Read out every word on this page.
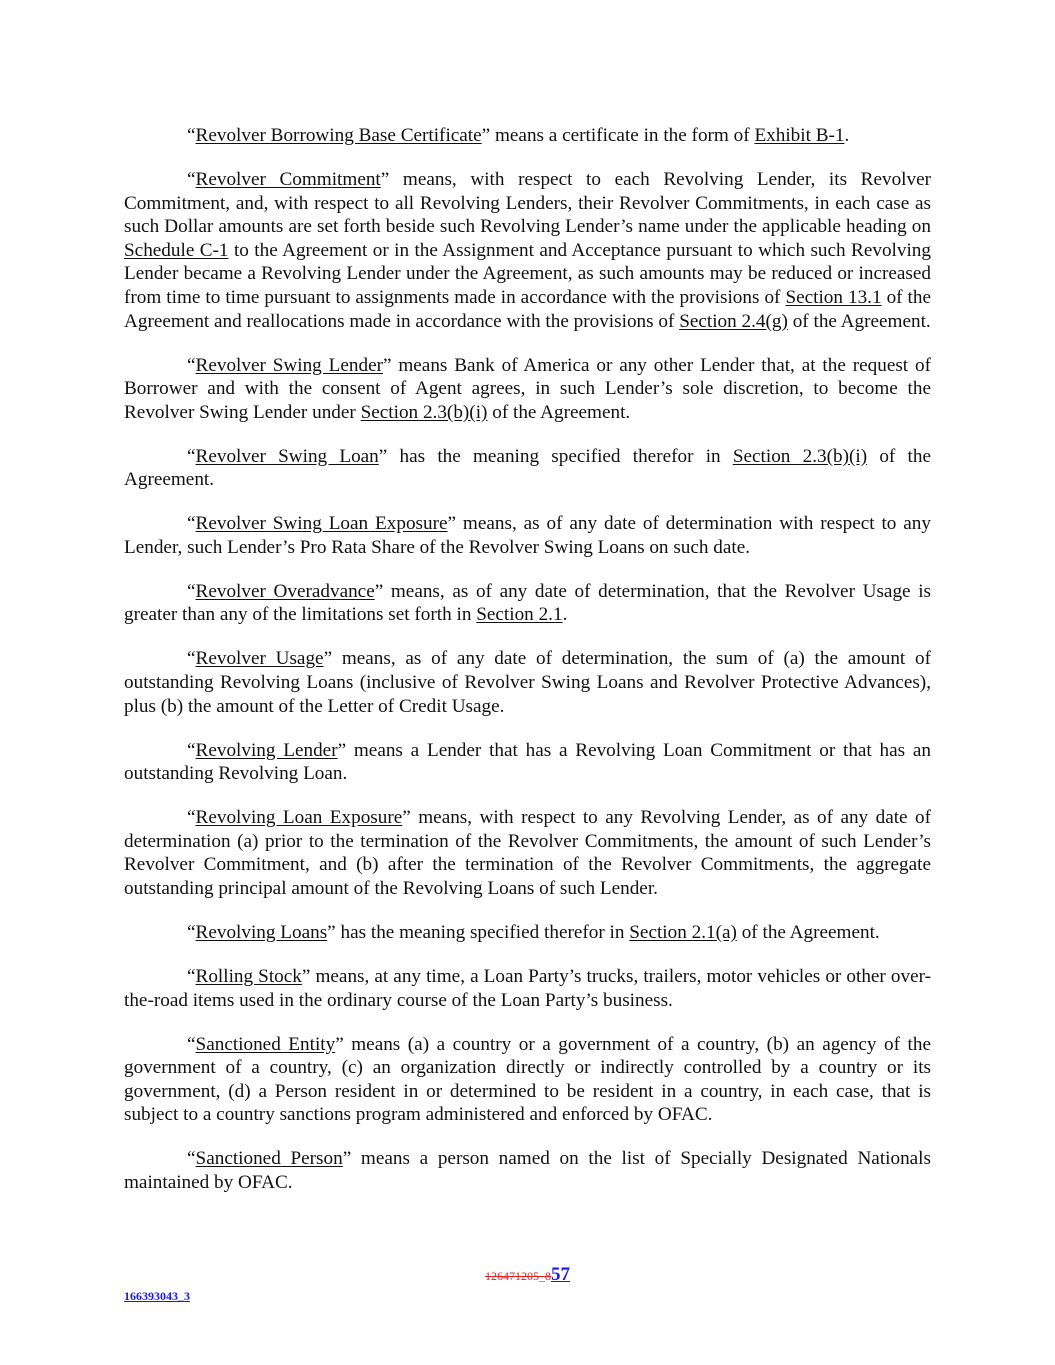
“Revolver Borrowing Base Certificate” means a certificate in the form of Exhibit B-1.

“Revolver Commitment” means, with respect to each Revolving Lender, its Revolver Commitment, and, with respect to all Revolving Lenders, their Revolver Commitments, in each case as such Dollar amounts are set forth beside such Revolving Lender’s name under the applicable heading on Schedule C-1 to the Agreement or in the Assignment and Acceptance pursuant to which such Revolving Lender became a Revolving Lender under the Agreement, as such amounts may be reduced or increased from time to time pursuant to assignments made in accordance with the provisions of Section 13.1 of the Agreement and reallocations made in accordance with the provisions of Section 2.4(g) of the Agreement.

“Revolver Swing Lender” means Bank of America or any other Lender that, at the request of Borrower and with the consent of Agent agrees, in such Lender’s sole discretion, to become the Revolver Swing Lender under Section 2.3(b)(i) of the Agreement.

“Revolver Swing Loan” has the meaning specified therefor in Section 2.3(b)(i) of the Agreement.

“Revolver Swing Loan Exposure” means, as of any date of determination with respect to any Lender, such Lender’s Pro Rata Share of the Revolver Swing Loans on such date.

“Revolver Overadvance” means, as of any date of determination, that the Revolver Usage is greater than any of the limitations set forth in Section 2.1.

“Revolver Usage” means, as of any date of determination, the sum of (a) the amount of outstanding Revolving Loans (inclusive of Revolver Swing Loans and Revolver Protective Advances), plus (b) the amount of the Letter of Credit Usage.

“Revolving Lender” means a Lender that has a Revolving Loan Commitment or that has an outstanding Revolving Loan.

“Revolving Loan Exposure” means, with respect to any Revolving Lender, as of any date of determination (a) prior to the termination of the Revolver Commitments, the amount of such Lender’s Revolver Commitment, and (b) after the termination of the Revolver Commitments, the aggregate outstanding principal amount of the Revolving Loans of such Lender.

“Revolving Loans” has the meaning specified therefor in Section 2.1(a) of the Agreement.

“Rolling Stock” means, at any time, a Loan Party’s trucks, trailers, motor vehicles or other over-the-road items used in the ordinary course of the Loan Party’s business.

“Sanctioned Entity” means (a) a country or a government of a country, (b) an agency of the government of a country, (c) an organization directly or indirectly controlled by a country or its government, (d) a Person resident in or determined to be resident in a country, in each case, that is subject to a country sanctions program administered and enforced by OFAC.

“Sanctioned Person” means a person named on the list of Specially Designated Nationals maintained by OFAC.

126471205_857
166393043_3
